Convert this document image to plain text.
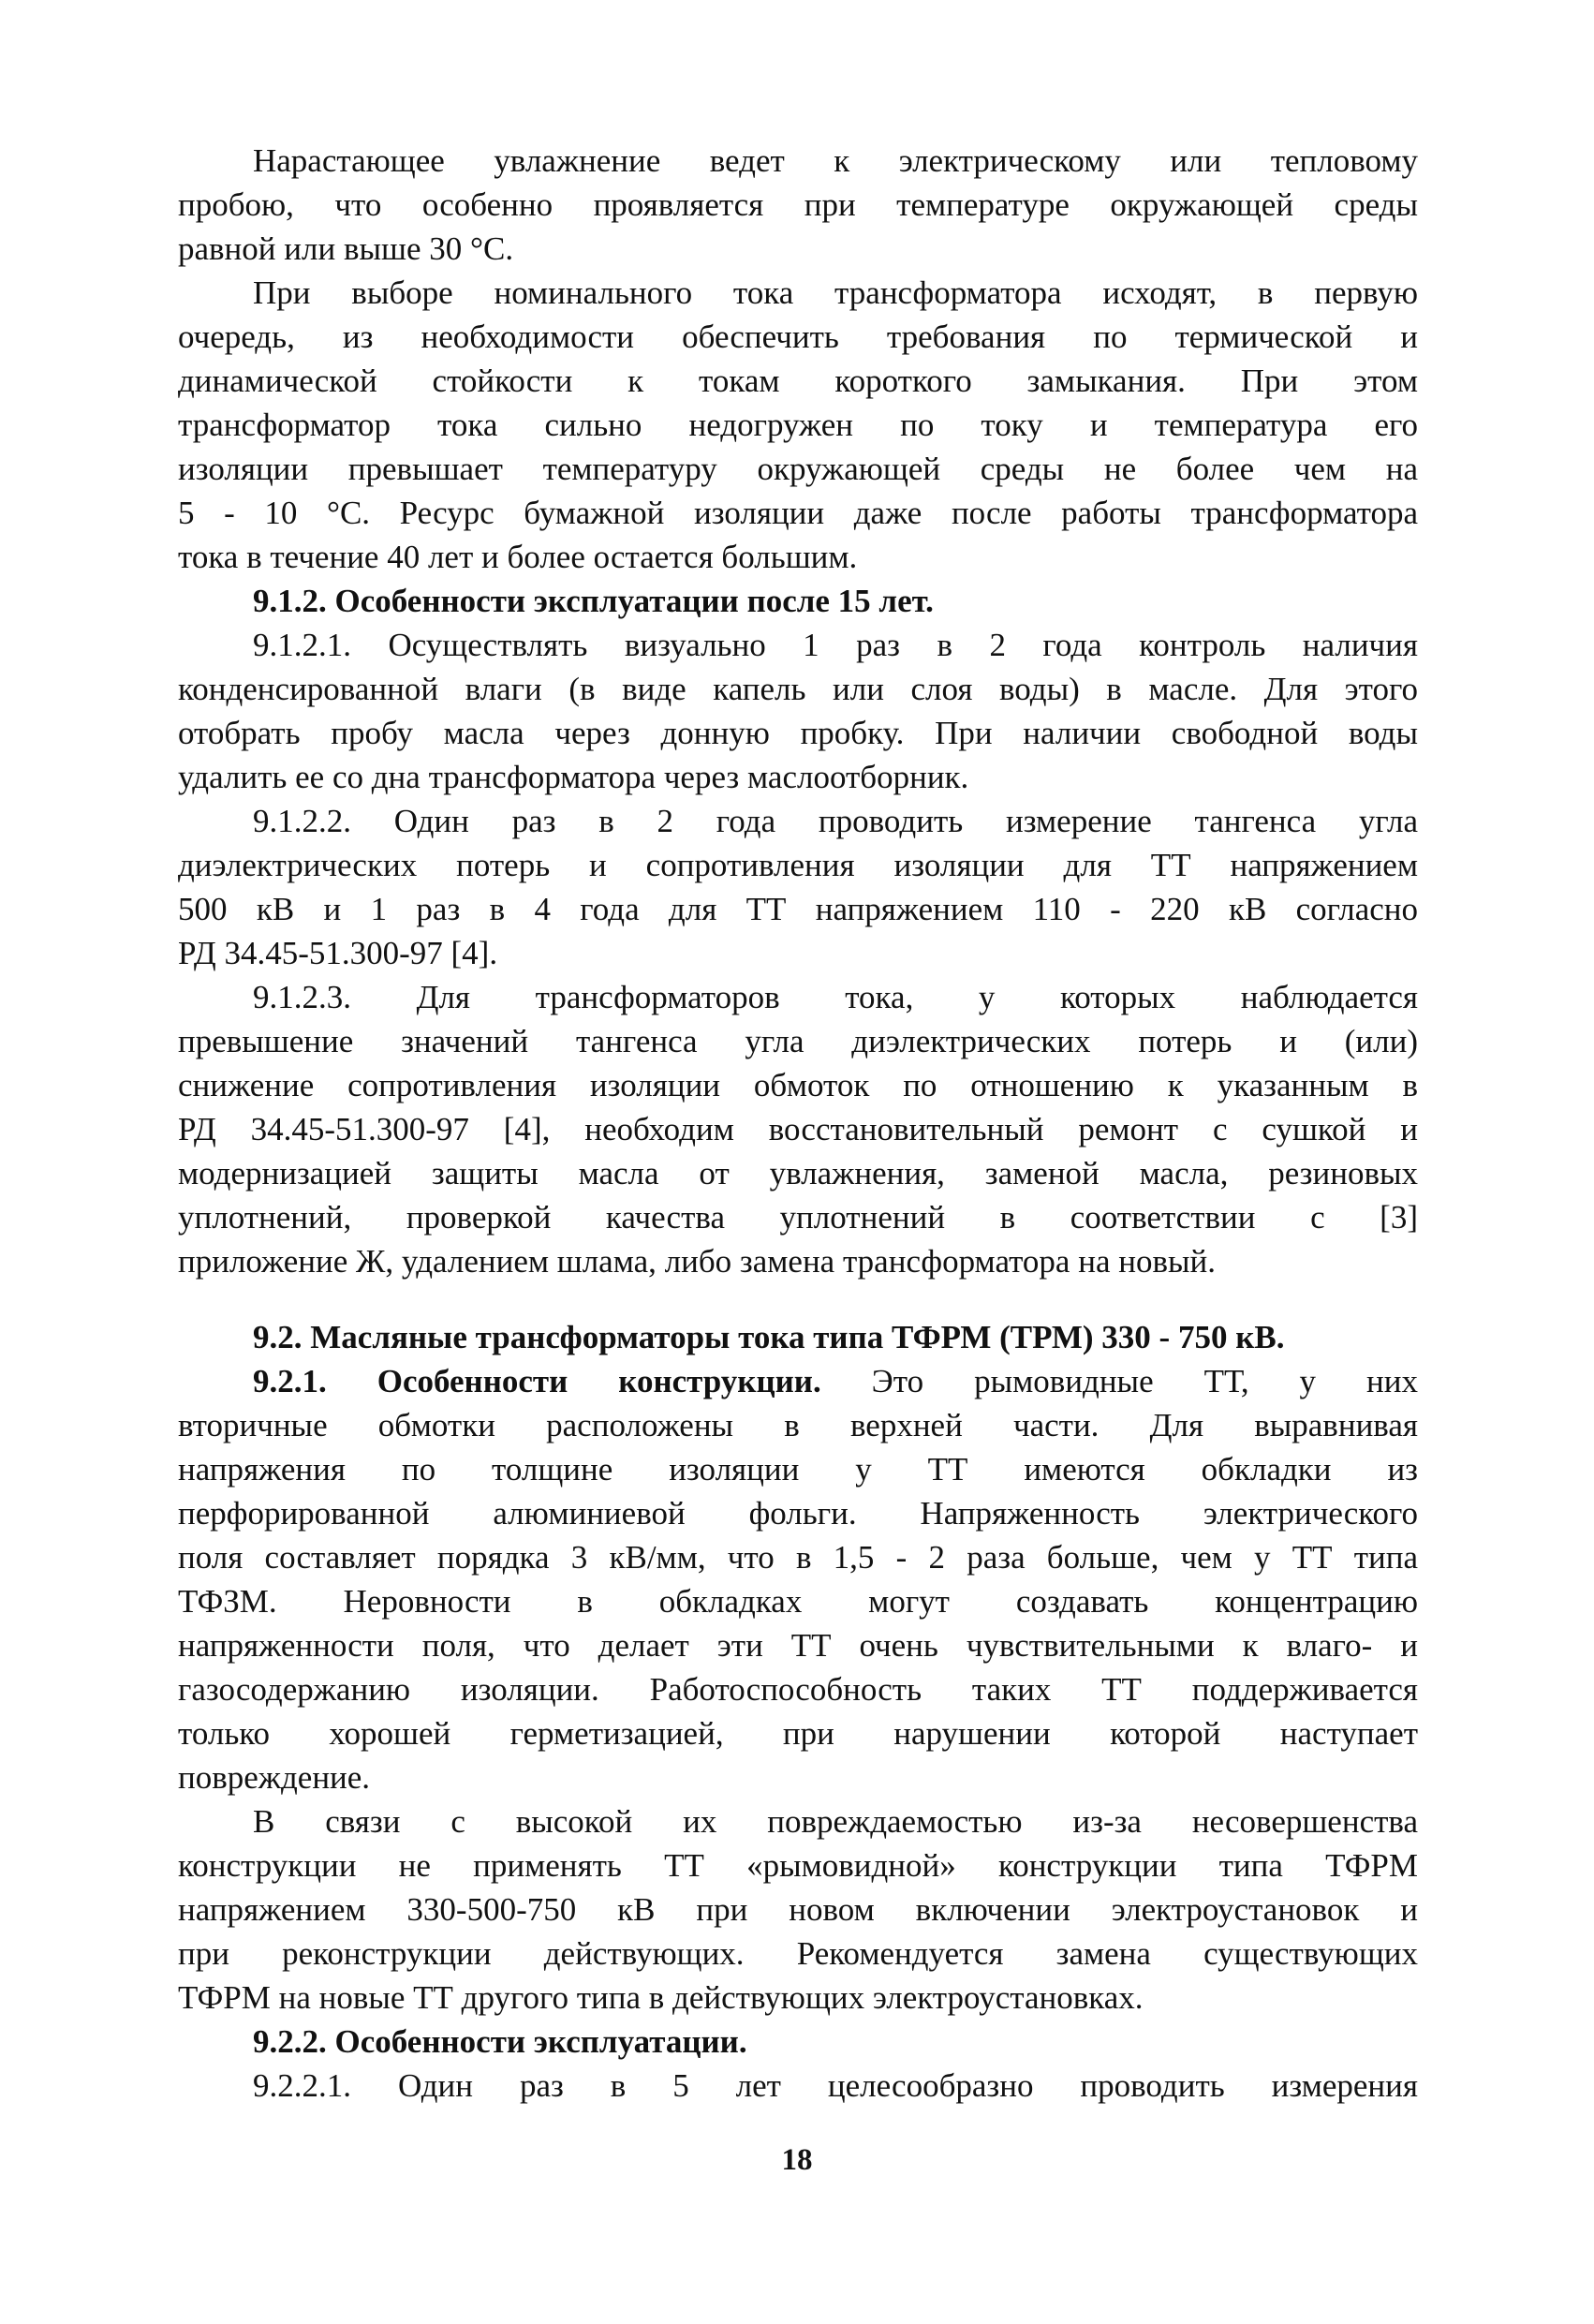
Нарастающее увлажнение ведет к электрическому или тепловому
пробою, что особенно проявляется при температуре окружающей среды
равной или выше 30 °С.
При выборе номинального тока трансформатора исходят, в первую
очередь, из необходимости обеспечить требования по термической и
динамической стойкости к токам короткого замыкания. При этом
трансформатор тока сильно недогружен по току и температура его
изоляции превышает температуру окружающей среды не более чем на
5 - 10 °С. Ресурс бумажной изоляции даже после работы трансформатора
тока в течение 40 лет и более остается большим.
9.1.2. Особенности эксплуатации после 15 лет.
9.1.2.1. Осуществлять визуально 1 раз в 2 года контроль наличия
конденсированной влаги (в виде капель или слоя воды) в масле. Для этого
отобрать пробу масла через донную пробку. При наличии свободной воды
удалить ее со дна трансформатора через маслоотборник.
9.1.2.2. Один раз в 2 года проводить измерение тангенса угла
диэлектрических потерь и сопротивления изоляции для ТТ напряжением
500 кВ и 1 раз в 4 года для ТТ напряжением 110 - 220 кВ согласно
РД 34.45-51.300-97 [4].
9.1.2.3. Для трансформаторов тока, у которых наблюдается
превышение значений тангенса угла диэлектрических потерь и (или)
снижение сопротивления изоляции обмоток по отношению к указанным в
РД 34.45-51.300-97 [4], необходим восстановительный ремонт с сушкой и
модернизацией защиты масла от увлажнения, заменой масла, резиновых
уплотнений, проверкой качества уплотнений в соответствии с [3]
приложение Ж, удалением шлама, либо замена трансформатора на новый.
9.2. Масляные трансформаторы тока типа ТФРМ (ТРМ) 330 - 750 кВ.
9.2.1. Особенности конструкции. Это рымовидные ТТ, у них
вторичные обмотки расположены в верхней части. Для выравнивая
напряжения по толщине изоляции у ТТ имеются обкладки из
перфорированной алюминиевой фольги. Напряженность электрического
поля составляет порядка 3 кВ/мм, что в 1,5 - 2 раза больше, чем у ТТ типа
ТФЗМ. Неровности в обкладках могут создавать концентрацию
напряженности поля, что делает эти ТТ очень чувствительными к влаго- и
газосодержанию изоляции. Работоспособность таких ТТ поддерживается
только хорошей герметизацией, при нарушении которой наступает
повреждение.
В связи с высокой их повреждаемостью из-за несовершенства
конструкции не применять ТТ «рымовидной» конструкции типа ТФРМ
напряжением 330-500-750 кВ при новом включении электроустановок и
при реконструкции действующих. Рекомендуется замена существующих
ТФРМ на новые ТТ другого типа в действующих электроустановках.
9.2.2. Особенности эксплуатации.
9.2.2.1. Один раз в 5 лет целесообразно проводить измерения
18
